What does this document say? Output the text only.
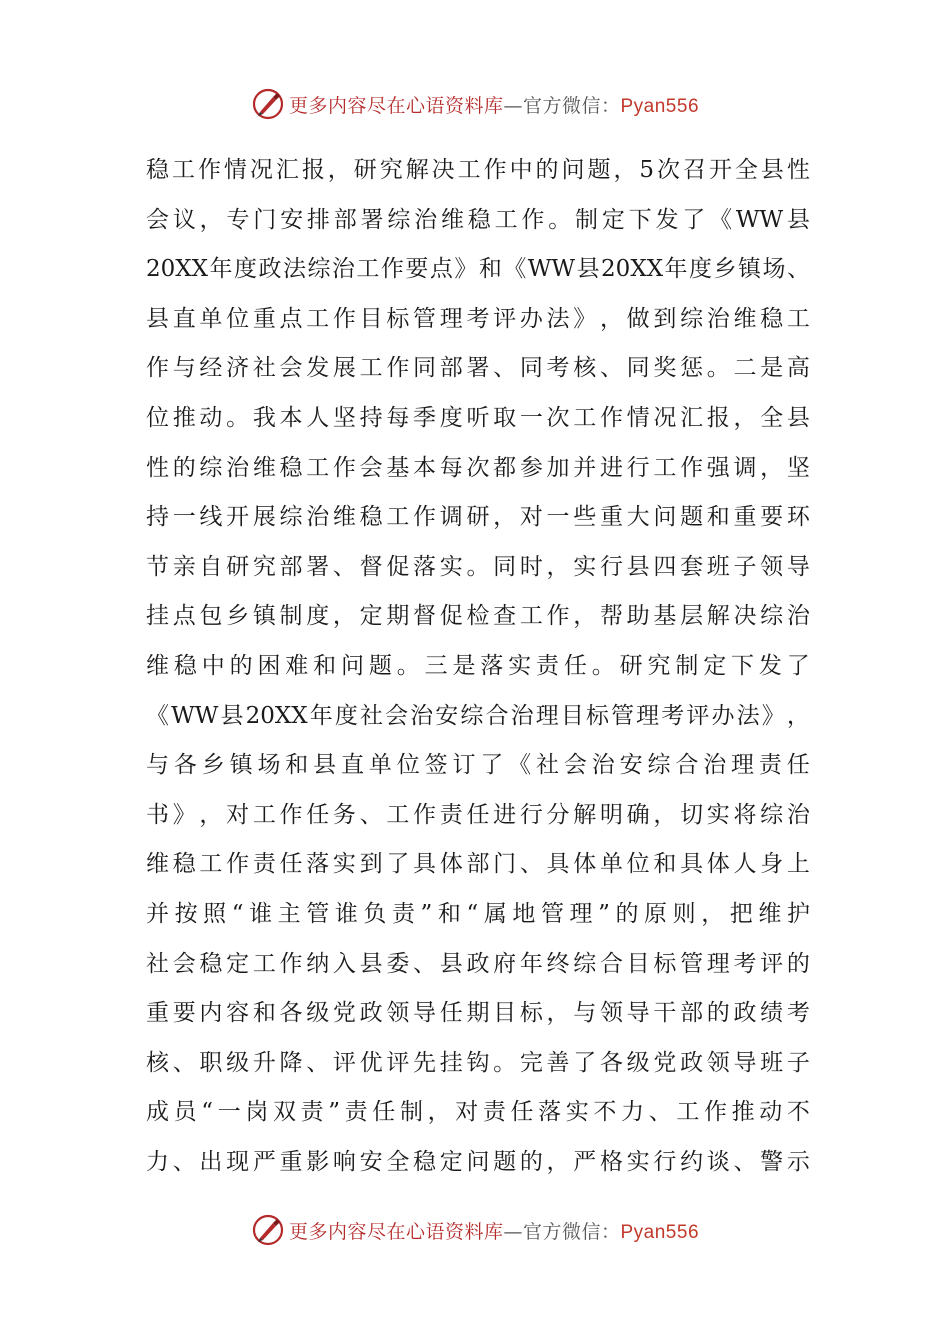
更多内容尽在心语资料库—官方微信：Pyan556
稳 工 作 情 况 汇 报 ， 研 究 解 决 工 作 中 的 问 题 ， 5 次 召 开 全 县 性
会 议 ， 专 门 安 排 部 署 综 治 维 稳 工 作 。 制 定 下 发 了 《 WW 县
20XX 年 度 政 法 综 治 工 作 要 点 》 和 《 WW 县 20XX 年 度 乡 镇 场 、
县 直 单 位 重 点 工 作 目 标 管 理 考 评 办 法 》 ， 做 到 综 治 维 稳 工
作 与 经 济 社 会 发 展 工 作 同 部 署 、 同 考 核 、 同 奖 惩 。 二 是 高
位 推 动 。 我 本 人 坚 持 每 季 度 听 取 一 次 工 作 情 况 汇 报 ， 全 县
性 的 综 治 维 稳 工 作 会 基 本 每 次 都 参 加 并 进 行 工 作 强 调 ， 坚
持 一 线 开 展 综 治 维 稳 工 作 调 研 ， 对 一 些 重 大 问 题 和 重 要 环
节 亲 自 研 究 部 署 、 督 促 落 实 。 同 时 ， 实 行 县 四 套 班 子 领 导
挂 点 包 乡 镇 制 度 ， 定 期 督 促 检 查 工 作 ， 帮 助 基 层 解 决 综 治
维 稳 中 的 困 难 和 问 题 。 三 是 落 实 责 任 。 研 究 制 定 下 发 了
《 WW 县 20XX 年 度 社 会 治 安 综 合 治 理 目 标 管 理 考 评 办 法 》 ，
与 各 乡 镇 场 和 县 直 单 位 签 订 了 《 社 会 治 安 综 合 治 理 责 任
书 》 ， 对 工 作 任 务 、 工 作 责 任 进 行 分 解 明 确 ， 切 实 将 综 治
维 稳 工 作 责 任 落 实 到 了 具 体 部 门 、 具 体 单 位 和 具 体 人 身 上
并 按 照 “ 谁 主 管 谁 负 责 ” 和 “ 属 地 管 理 ” 的 原 则 ， 把 维 护
社 会 稳 定 工 作 纳 入 县 委 、 县 政 府 年 终 综 合 目 标 管 理 考 评 的
重 要 内 容 和 各 级 党 政 领 导 任 期 目 标 ， 与 领 导 干 部 的 政 绩 考
核 、 职 级 升 降 、 评 优 评 先 挂 钩 。 完 善 了 各 级 党 政 领 导 班 子
成 员 “ 一 岗 双 责 ” 责 任 制 ， 对 责 任 落 实 不 力 、 工 作 推 动 不
力 、 出 现 严 重 影 响 安 全 稳 定 问 题 的 ， 严 格 实 行 约 谈 、 警 示
更多内容尽在心语资料库—官方微信：Pyan556
